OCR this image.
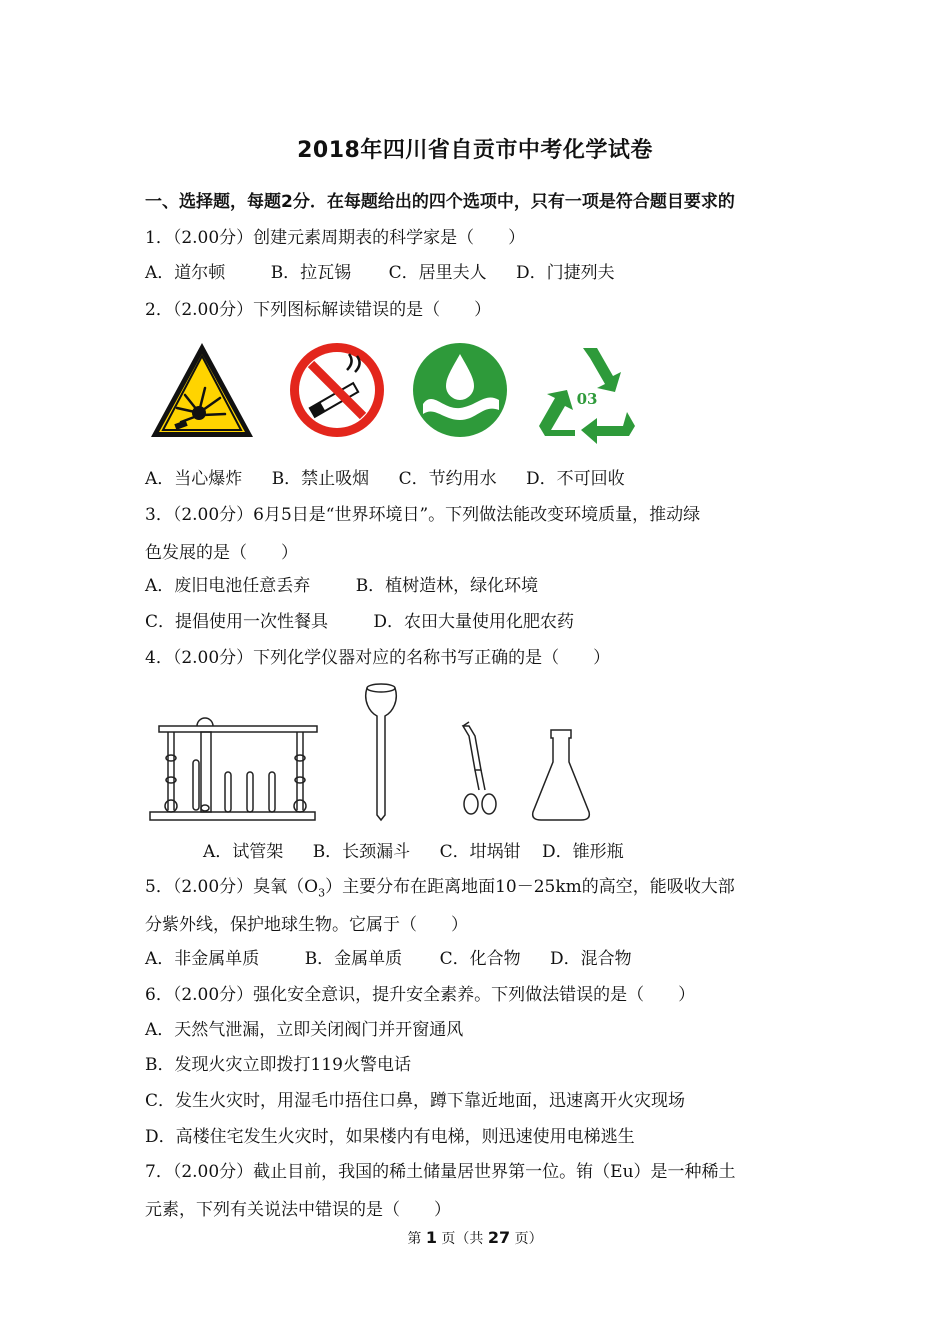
2018年四川省自贡市中考化学试卷
一、选择题，每题2分．在每题给出的四个选项中，只有一项是符合题目要求的
1．（2.00分）创建元素周期表的科学家是（　　）
A．道尔顿	B．拉瓦锡 C．居里夫人 D．门捷列夫
2．（2.00分）下列图标解读错误的是（　　）
03
A．当心爆炸 B．禁止吸烟 C．节约用水 D．不可回收
3．（2.00分）6月5日是“世界环境日”。下列做法能改变环境质量，推动绿
色发展的是（　　）
A．废旧电池任意丢弃	B．植树造林，绿化环境
C．提倡使用一次性餐具	D．农田大量使用化肥农药
4．（2.00分）下列化学仪器对应的名称书写正确的是（　　）
A．试管架 B．长颈漏斗 C．坩埚钳 D．锥形瓶
5．（2.00分）臭氧$(O_3)$主要分布在距离地面10－25km的高空，能吸收大部
分紫外线，保护地球生物。它属于（　　）
A．非金属单质	B．金属单质 C．化合物 D．混合物
6．（2.00分）强化安全意识，提升安全素养。下列做法错误的是（　　）
A．天然气泄漏，立即关闭阀门并开窗通风
B．发现火灾立即拨打119火警电话
C．发生火灾时，用湿毛巾捂住口鼻，蹲下靠近地面，迅速离开火灾现场
D．高楼住宅发生火灾时，如果楼内有电梯，则迅速使用电梯逃生
7．（2.00分）截止目前，我国的稀土储量居世界第一位。铕（Eu）是一种稀土
元素，下列有关说法中错误的是（　　）
第 1 页（共 27 页）
